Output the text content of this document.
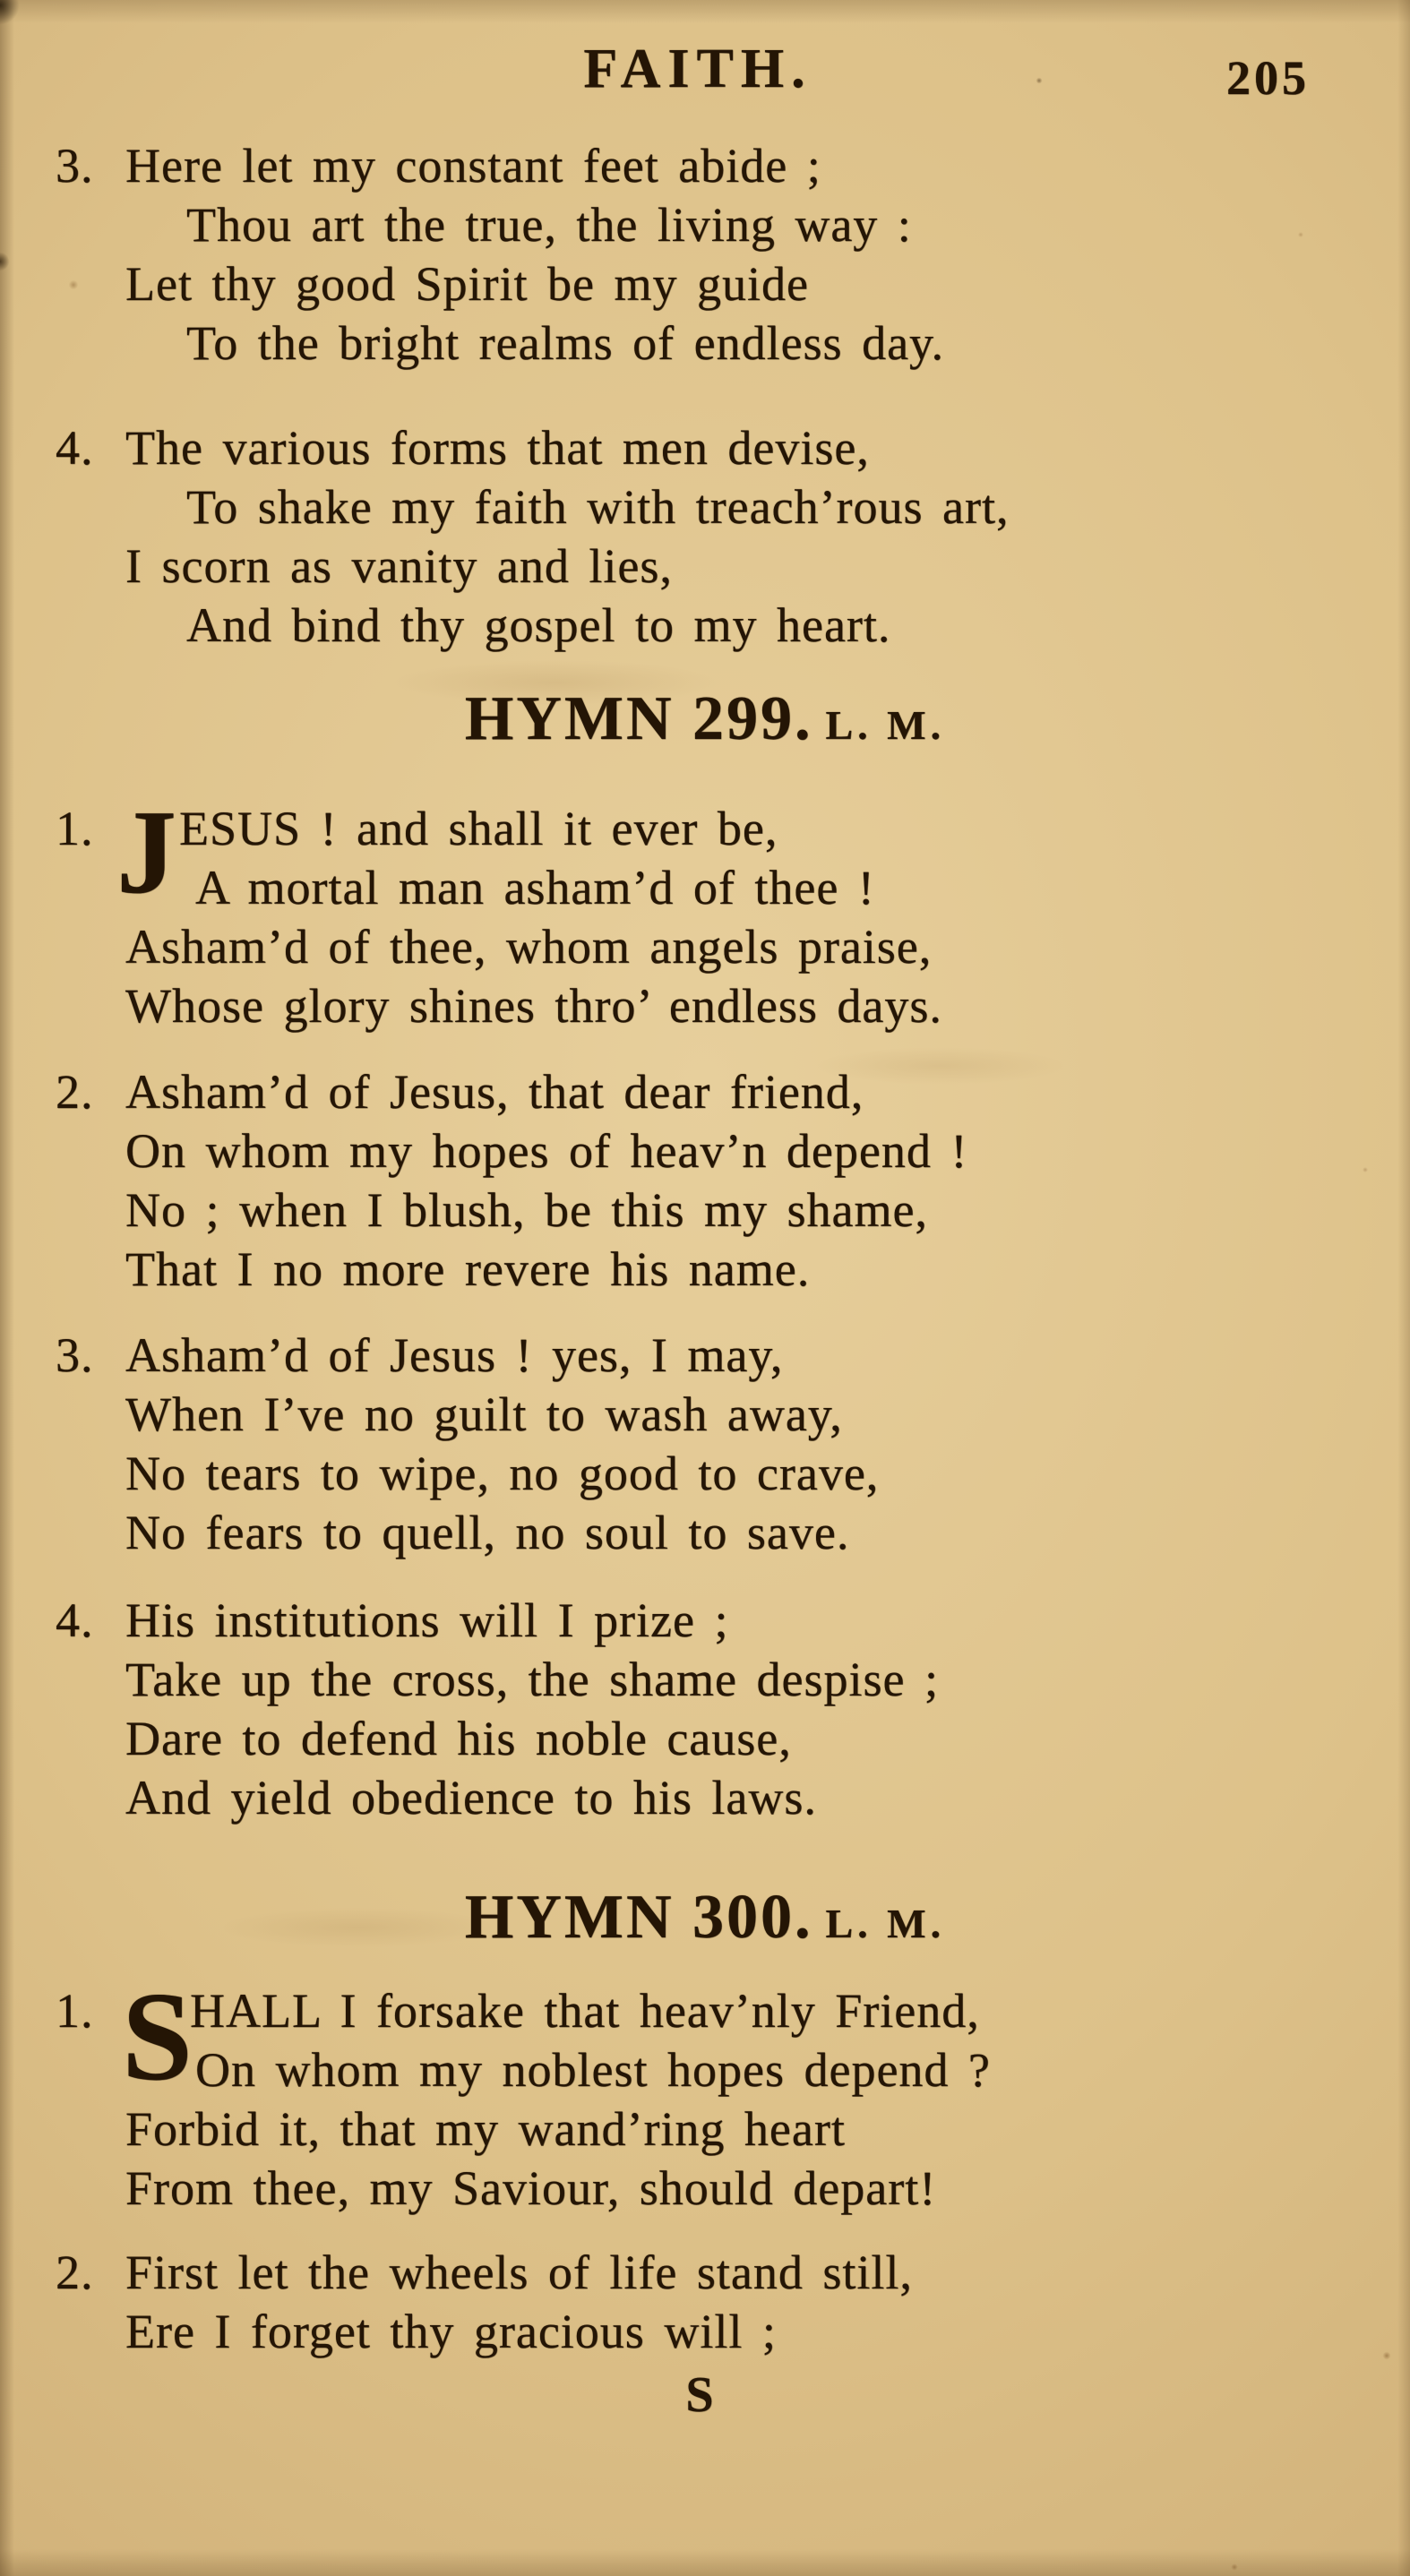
FAITH.	205
3. Here let my constant feet abide ;
Thou art the true, the living way :
Let thy good Spirit be my guide
To the bright realms of endless day.
4. The various forms that men devise,
To shake my faith with treach’rous art,
I scorn as vanity and lies,
And bind thy gospel to my heart.
HYMN 299. L. M.
1. J ESUS ! and shall it ever be,
A mortal man asham’d of thee !
Asham’d of thee, whom angels praise,
Whose glory shines thro’ endless days.
2. Asham’d of Jesus, that dear friend,
On whom my hopes of heav’n depend !
No ; when I blush, be this my shame,
That I no more revere his name.
3. Asham’d of Jesus ! yes, I may,
When I’ve no guilt to wash away,
No tears to wipe, no good to crave,
No fears to quell, no soul to save.
4. His institutions will I prize ;
Take up the cross, the shame despise ;
Dare to defend his noble cause,
And yield obedience to his laws.
HYMN 300. L. M.
1. S
HALL I forsake that heav’nly Friend,
On whom my noblest hopes depend ?
Forbid it, that my wand’ring heart
From thee, my Saviour, should depart!
2. First let the wheels of life stand still,
Ere I forget thy gracious will ;
S
